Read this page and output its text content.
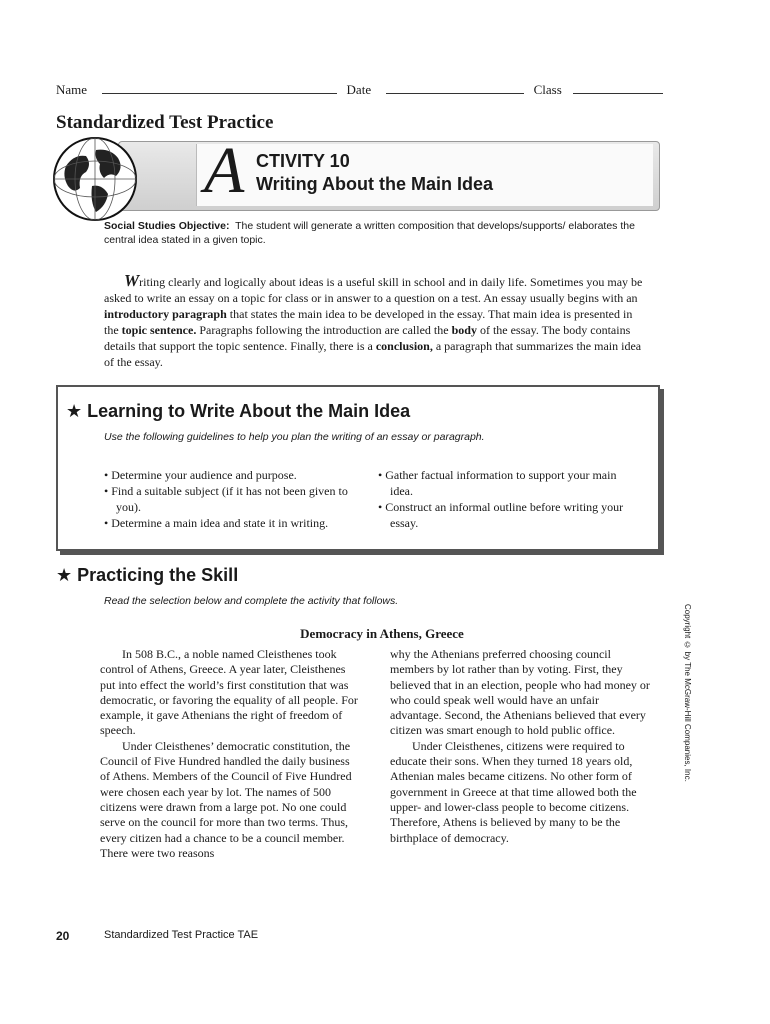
Name	Date	Class
Standardized Test Practice
A CTIVITY 10
Writing About the Main Idea
Social Studies Objective: The student will generate a written composition that develops/supports/ elaborates the central idea stated in a given topic.
Writing clearly and logically about ideas is a useful skill in school and in daily life. Sometimes you may be asked to write an essay on a topic for class or in answer to a question on a test. An essay usually begins with an introductory paragraph that states the main idea to be developed in the essay. That main idea is presented in the topic sentence. Paragraphs following the introduction are called the body of the essay. The body contains details that support the topic sentence. Finally, there is a conclusion, a paragraph that summarizes the main idea of the essay.
★ Learning to Write About the Main Idea
Use the following guidelines to help you plan the writing of an essay or paragraph.
• Determine your audience and purpose.
• Find a suitable subject (if it has not been given to you).
• Determine a main idea and state it in writing.
• Gather factual information to support your main idea.
• Construct an informal outline before writing your essay.
★ Practicing the Skill
Read the selection below and complete the activity that follows.
Democracy in Athens, Greece

In 508 B.C., a noble named Cleisthenes took control of Athens, Greece. A year later, Cleisthenes put into effect the world’s first constitution that was democratic, or favoring the equality of all people. For example, it gave Athenians the right of freedom of speech.

Under Cleisthenes’ democratic constitution, the Council of Five Hundred handled the daily business of Athens. Members of the Council of Five Hundred were chosen each year by lot. The names of 500 citizens were drawn from a large pot. No one could serve on the council for more than two terms. Thus, every citizen had a chance to be a council member. There were two reasons

why the Athenians preferred choosing council members by lot rather than by voting. First, they believed that in an election, people who had money or who could speak well would have an unfair advantage. Second, the Athenians believed that every citizen was smart enough to hold public office.

Under Cleisthenes, citizens were required to educate their sons. When they turned 18 years old, Athenian males became citizens. No other form of government in Greece at that time allowed both the upper- and lower-class people to become citizens. Therefore, Athens is believed by many to be the birthplace of democracy.

Copyright © by The McGraw-Hill Companies, Inc.
20	Standardized Test Practice TAE
